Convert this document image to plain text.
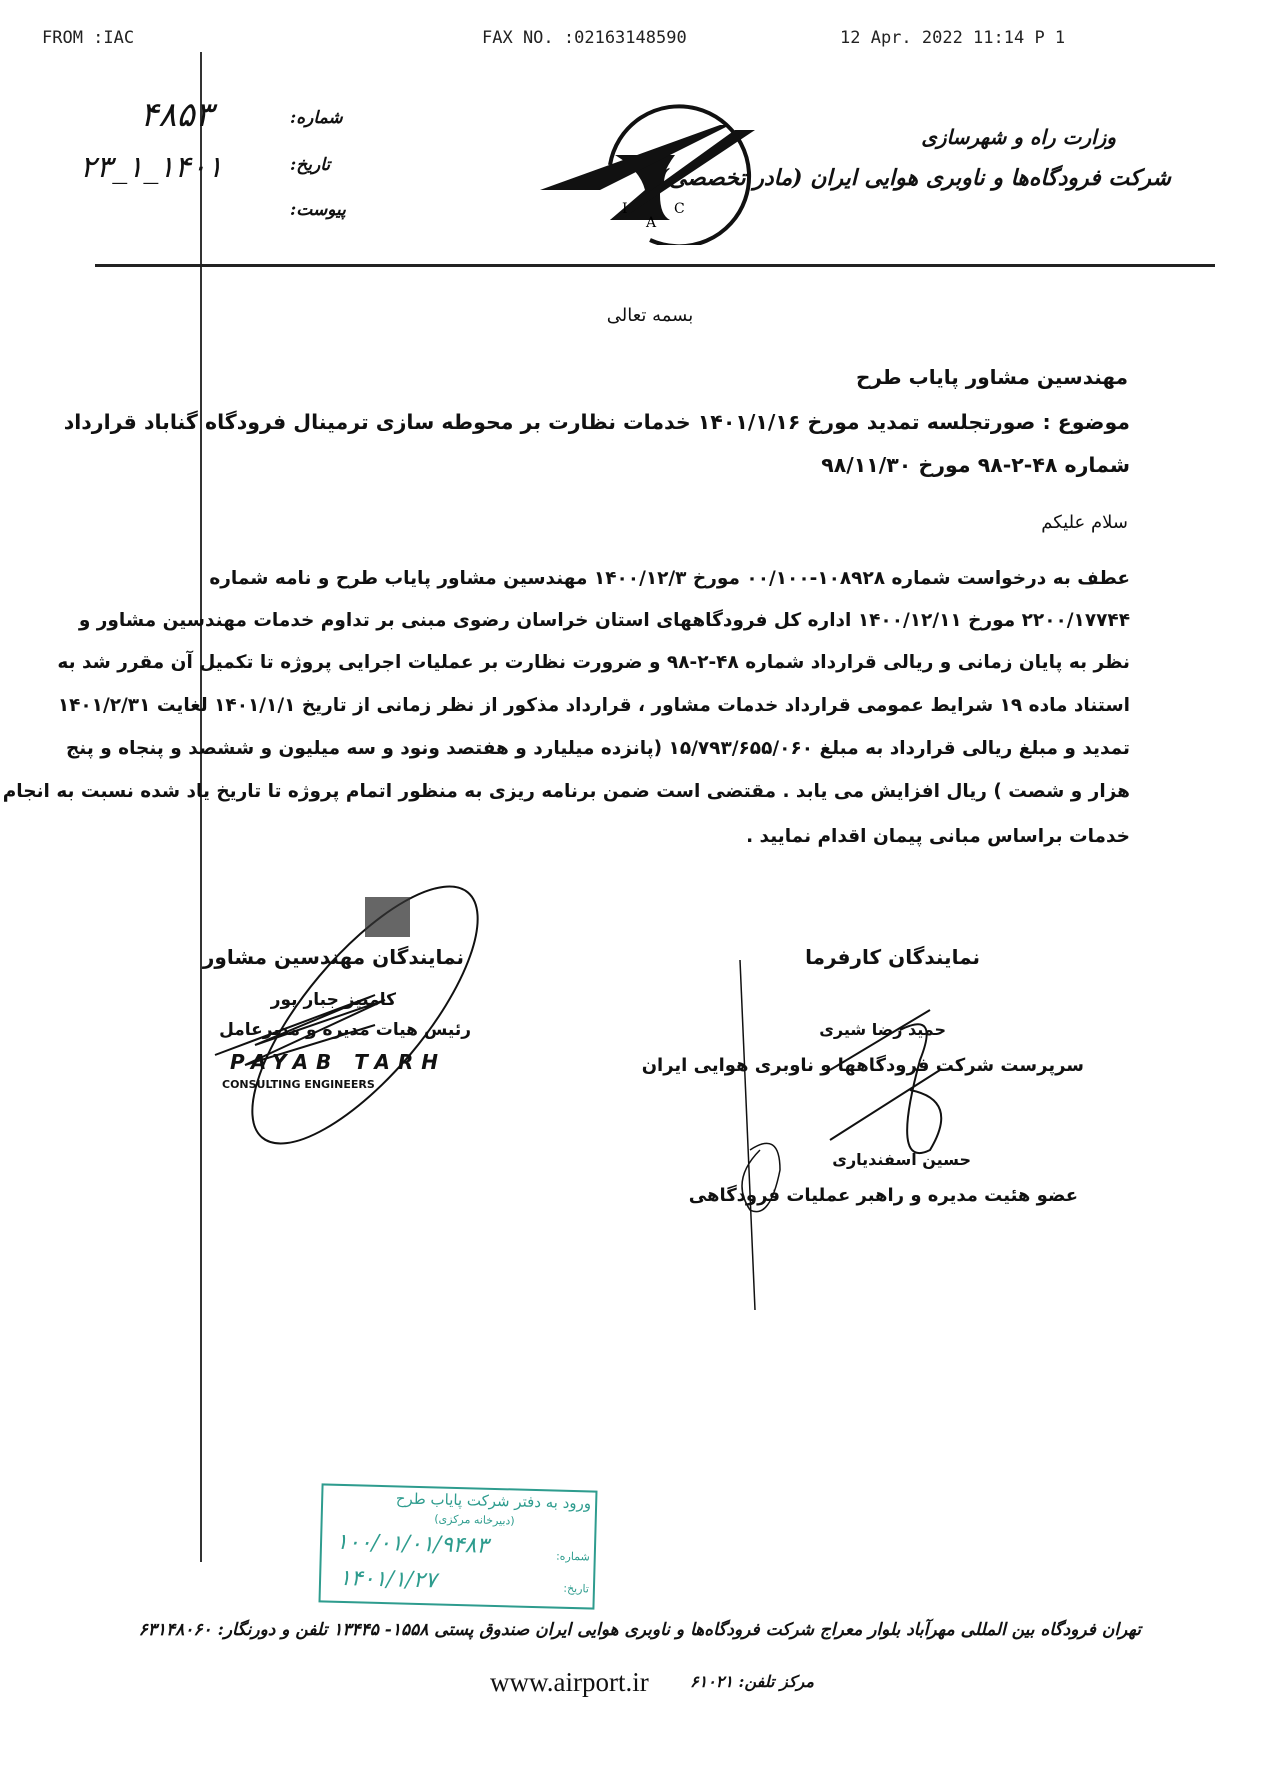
FROM :IAC	FAX NO. :02163148590	12 Apr. 2022 11:14 P 1
۴۸۵۳
۱۴۰۱_۱_۲۳
شماره:
تاریخ:
پیوست:	I
A
C
وزارت راه و شهرسازی
شرکت فرودگاه‌ها و ناوبری هوایی ایران (مادر تخصصی)
بسمه تعالی
مهندسین مشاور پایاب طرح
موضوع : صورتجلسه تمدید مورخ ۱۴۰۱/۱/۱۶ خدمات نظارت بر محوطه سازی ترمینال فرودگاه گناباد قرارداد
شماره ۴۸-۲-۹۸ مورخ ۹۸/۱۱/۳۰
سلام علیکم
عطف به درخواست شماره ۱۰۸۹۲۸-۰۰/۱۰۰ مورخ ۱۴۰۰/۱۲/۳ مهندسین مشاور پایاب طرح و نامه شماره
۲۲۰۰/۱۷۷۴۴ مورخ ۱۴۰۰/۱۲/۱۱ اداره کل فرودگاههای استان خراسان رضوی مبنی بر تداوم خدمات مهندسین مشاور و
نظر به پایان زمانی و ریالی قرارداد شماره ۴۸-۲-۹۸ و ضرورت نظارت بر عملیات اجرایی پروژه تا تکمیل آن مقرر شد به
استناد ماده ۱۹ شرایط عمومی قرارداد خدمات مشاور ، قرارداد مذکور از نظر زمانی از تاریخ ۱۴۰۱/۱/۱ لغایت ۱۴۰۱/۲/۳۱
تمدید و مبلغ ریالی قرارداد به مبلغ ۱۵/۷۹۳/۶۵۵/۰۶۰ (پانزده میلیارد و هفتصد ونود و سه میلیون و ششصد و پنجاه و پنج
هزار و شصت ) ریال افزایش می یابد . مقتضی است ضمن برنامه ریزی به منظور اتمام پروژه تا تاریخ یاد شده نسبت به انجام
خدمات براساس مبانی پیمان اقدام نمایید .
نمایندگان مهندسین مشاور
کامبیز جبار پور
رئیس هیات مدیره و مدیرعامل
PAYAB TARH
CONSULTING ENGINEERS
نمایندگان کارفرما
حمید رضا شیری
سرپرست شرکت فرودگاهها و ناوبری هوایی ایران
حسین اسفندیاری
عضو هئیت مدیره و راهبر عملیات فرودگاهی
ورود به دفتر شرکت پایاب طرح
(دبیرخانه مرکزی)
شماره:
۱۰۰/۰۱/۰۱/۹۴۸۳
تاریخ:
۱۴۰۱/۱/۲۷
تهران فرودگاه بین المللی مهرآباد بلوار معراج شرکت فرودگاه‌ها و ناوبری هوایی ایران صندوق پستی ۱۵۵۸- ۱۳۴۴۵ تلفن و دورنگار: ۶۳۱۴۸۰۶۰
مرکز تلفن: ۶۱۰۲۱
www.airport.ir
